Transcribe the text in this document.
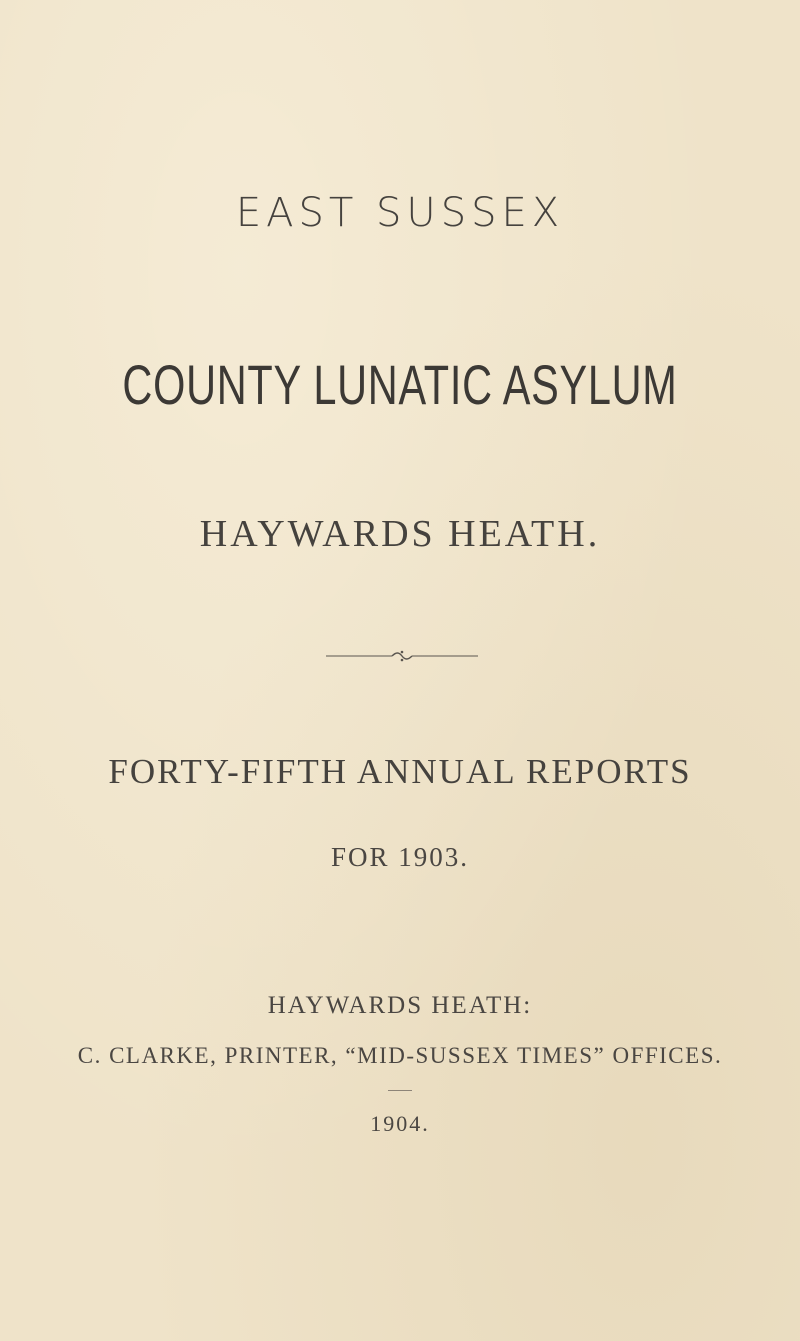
EAST SUSSEX

COUNTY LUNATIC ASYLUM

HAYWARDS HEATH.

FORTY-FIFTH ANNUAL REPORTS

FOR 1903.

HAYWARDS HEATH:

C. CLARKE, PRINTER, “MID-SUSSEX TIMES” OFFICES.

1904.
